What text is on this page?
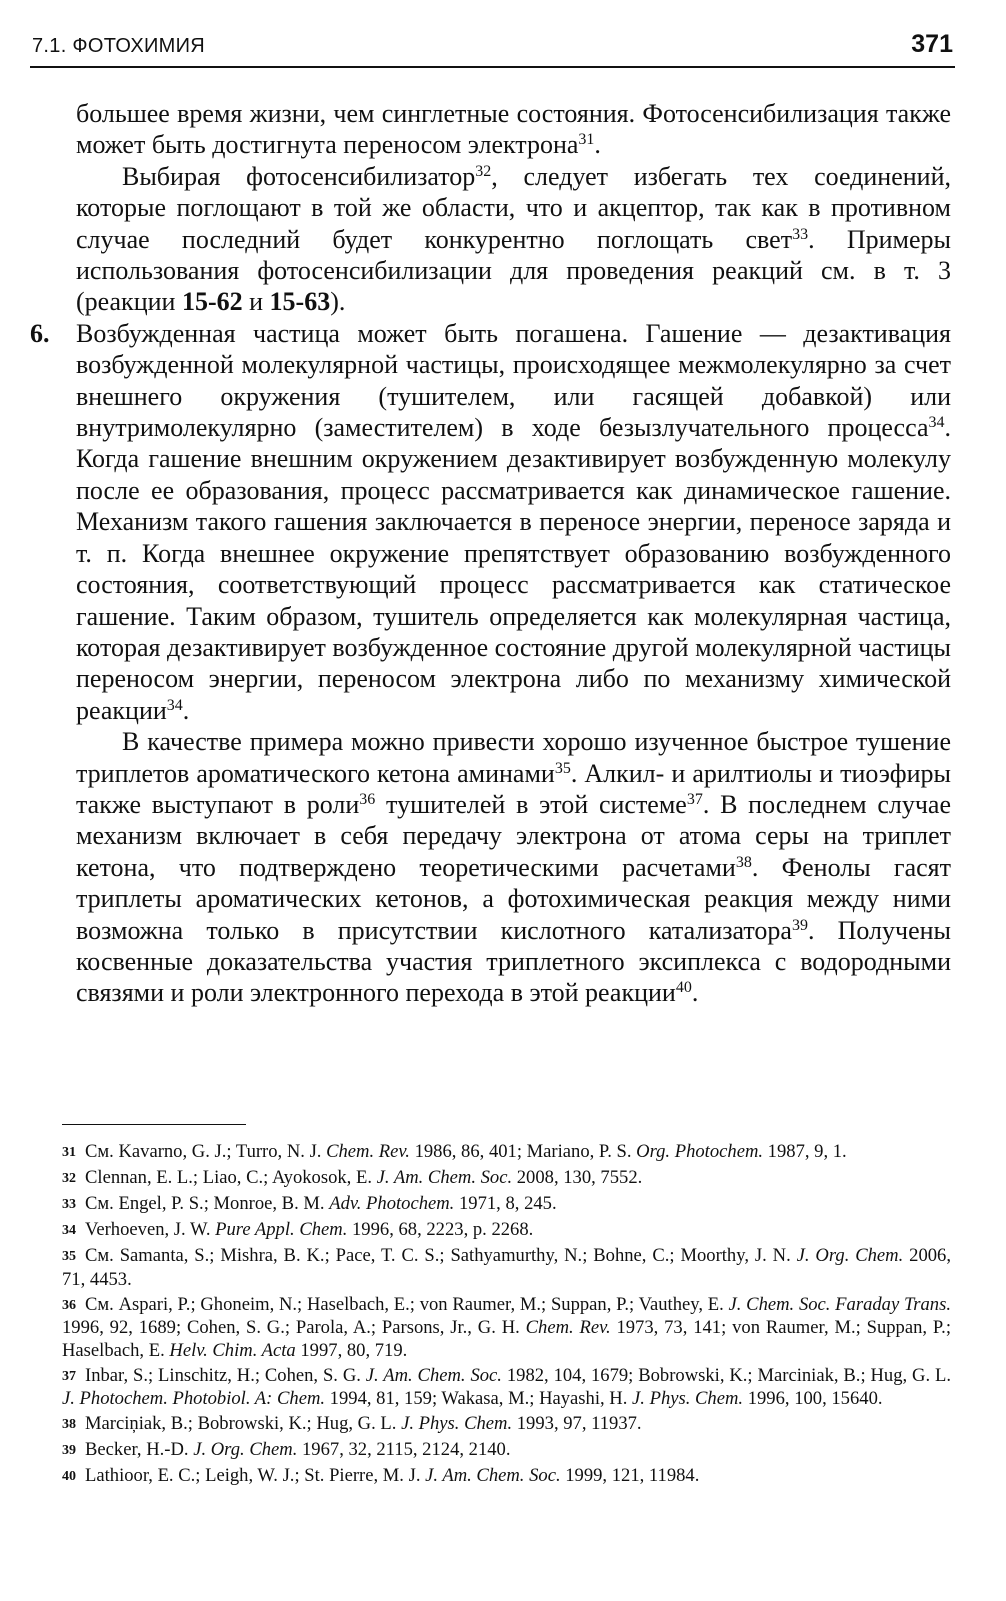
7.1. ФОТОХИМИЯ	371

большее время жизни, чем синглетные состояния. Фотосенсибилизация также может быть достигнута переносом электрона$^{31}$.

Выбирая фотосенсибилизатор$^{32}$, следует избегать тех соединений, которые поглощают в той же области, что и акцептор, так как в противном случае последний будет конкурентно поглощать свет$^{33}$. Примеры использования фотосенсибилизации для проведения реакций см. в т. 3 (реакции 15-62 и 15-63).

6. Возбужденная частица может быть погашена. Гашение — дезактивация возбужденной молекулярной частицы, происходящее межмолекулярно за счет внешнего окружения (тушителем, или гасящей добавкой) или внутримолекулярно (заместителем) в ходе безызлучательного процесса$^{34}$. Когда гашение внешним окружением дезактивирует возбужденную молекулу после ее образования, процесс рассматривается как динамическое гашение. Механизм такого гашения заключается в переносе энергии, переносе заряда и т. п. Когда внешнее окружение препятствует образованию возбужденного состояния, соответствующий процесс рассматривается как статическое гашение. Таким образом, тушитель определяется как молекулярная частица, которая дезактивирует возбужденное состояние другой молекулярной частицы переносом энергии, переносом электрона либо по механизму химической реакции$^{34}$.

В качестве примера можно привести хорошо изученное быстрое тушение триплетов ароматического кетона аминами$^{35}$. Алкил- и арилтиолы и тиоэфиры также выступают в роли$^{36}$ тушителей в этой системе$^{37}$. В последнем случае механизм включает в себя передачу электрона от атома серы на триплет кетона, что подтверждено теоретическими расчетами$^{38}$. Фенолы гасят триплеты ароматических кетонов, а фотохимическая реакция между ними возможна только в присутствии кислотного катализатора$^{39}$. Получены косвенные доказательства участия триплетного эксиплекса с водородными связями и роли электронного перехода в этой реакции$^{40}$.

31 См. Kavarno, G. J.; Turro, N. J. Chem. Rev. 1986, 86, 401; Mariano, P. S. Org. Photochem. 1987, 9, 1.

32 Clennan, E. L.; Liao, C.; Ayokosok, E. J. Am. Chem. Soc. 2008, 130, 7552.

33 См. Engel, P. S.; Monroe, B. M. Adv. Photochem. 1971, 8, 245.

34 Verhoeven, J. W. Pure Appl. Chem. 1996, 68, 2223, p. 2268.

35 См. Samanta, S.; Mishra, B. K.; Pace, T. C. S.; Sathyamurthy, N.; Bohne, C.; Moorthy, J. N. J. Org. Chem. 2006, 71, 4453.

36 См. Aspari, P.; Ghoneim, N.; Haselbach, E.; von Raumer, M.; Suppan, P.; Vauthey, E. J. Chem. Soc. Faraday Trans. 1996, 92, 1689; Cohen, S. G.; Parola, A.; Parsons, Jr., G. H. Chem. Rev. 1973, 73, 141; von Raumer, M.; Suppan, P.; Haselbach, E. Helv. Chim. Acta 1997, 80, 719.

37 Inbar, S.; Linschitz, H.; Cohen, S. G. J. Am. Chem. Soc. 1982, 104, 1679; Bobrowski, K.; Marciniak, B.; Hug, G. L. J. Photochem. Photobiol. A: Chem. 1994, 81, 159; Wakasa, M.; Hayashi, H. J. Phys. Chem. 1996, 100, 15640.

38 Marciņiak, B.; Bobrowski, K.; Hug, G. L. J. Phys. Chem. 1993, 97, 11937.

39 Becker, H.-D. J. Org. Chem. 1967, 32, 2115, 2124, 2140.

40 Lathioor, E. C.; Leigh, W. J.; St. Pierre, M. J. J. Am. Chem. Soc. 1999, 121, 11984.
